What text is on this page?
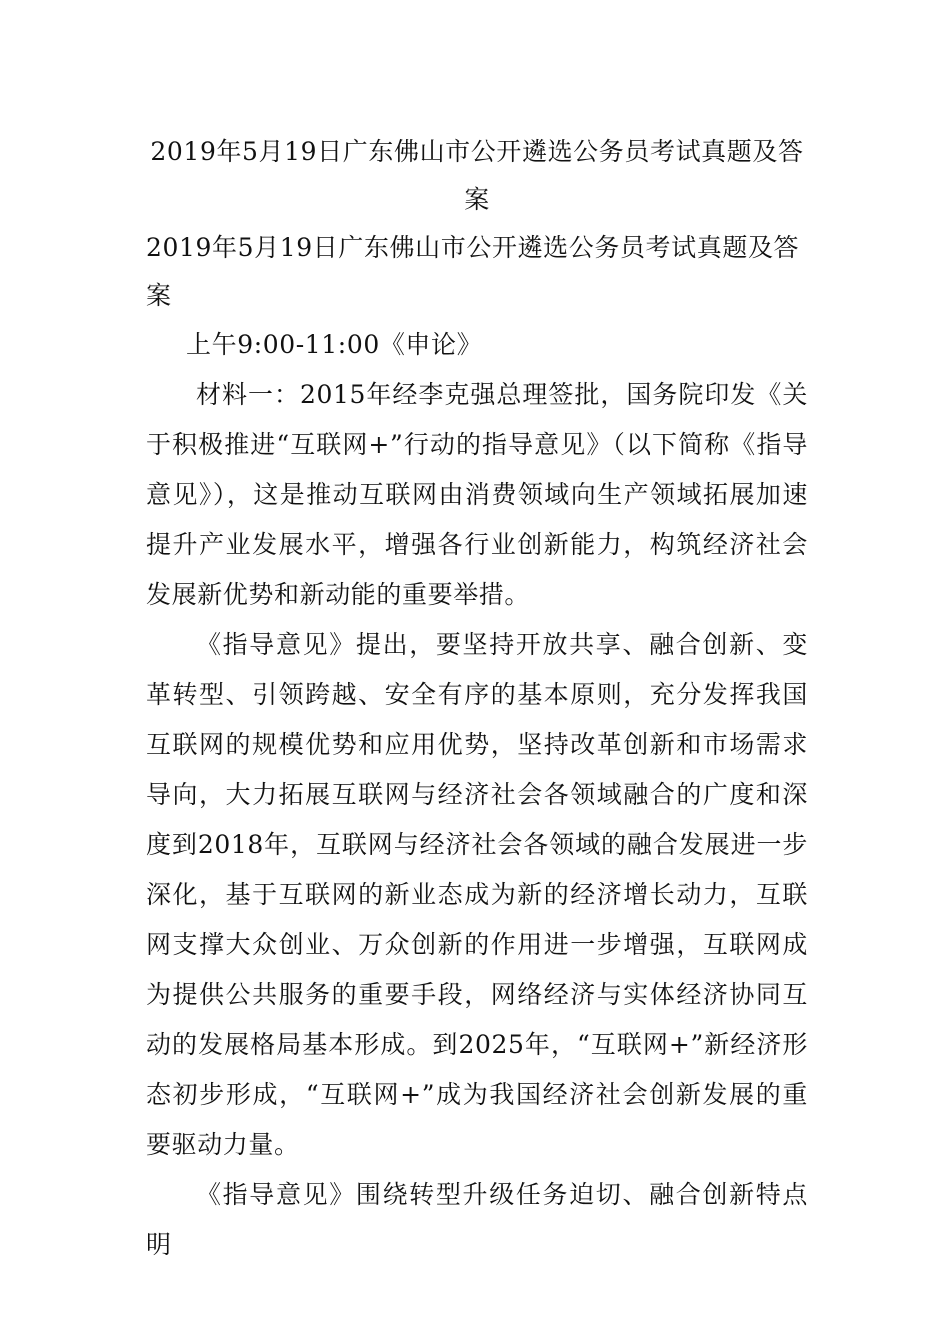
2019年5月19日广东佛山市公开遴选公务员考试真题及答案

2019年5月19日广东佛山市公开遴选公务员考试真题及答案

上午9:00-11:00《申论》

材料一：2015年经李克强总理签批，国务院印发《关于积极推进“互联网+”行动的指导意见》（以下简称《指导意见》），这是推动互联网由消费领域向生产领域拓展加速提升产业发展水平，增强各行业创新能力，构筑经济社会发展新优势和新动能的重要举措。

《指导意见》提出，要坚持开放共享、融合创新、变革转型、引领跨越、安全有序的基本原则，充分发挥我国互联网的规模优势和应用优势，坚持改革创新和市场需求导向，大力拓展互联网与经济社会各领域融合的广度和深度到2018年，互联网与经济社会各领域的融合发展进一步深化，基于互联网的新业态成为新的经济增长动力，互联网支撑大众创业、万众创新的作用进一步增强，互联网成为提供公共服务的重要手段，网络经济与实体经济协同互动的发展格局基本形成。到2025年，“互联网+”新经济形态初步形成，“互联网+”成为我国经济社会创新发展的重要驱动力量。

《指导意见》围绕转型升级任务迫切、融合创新特点明
